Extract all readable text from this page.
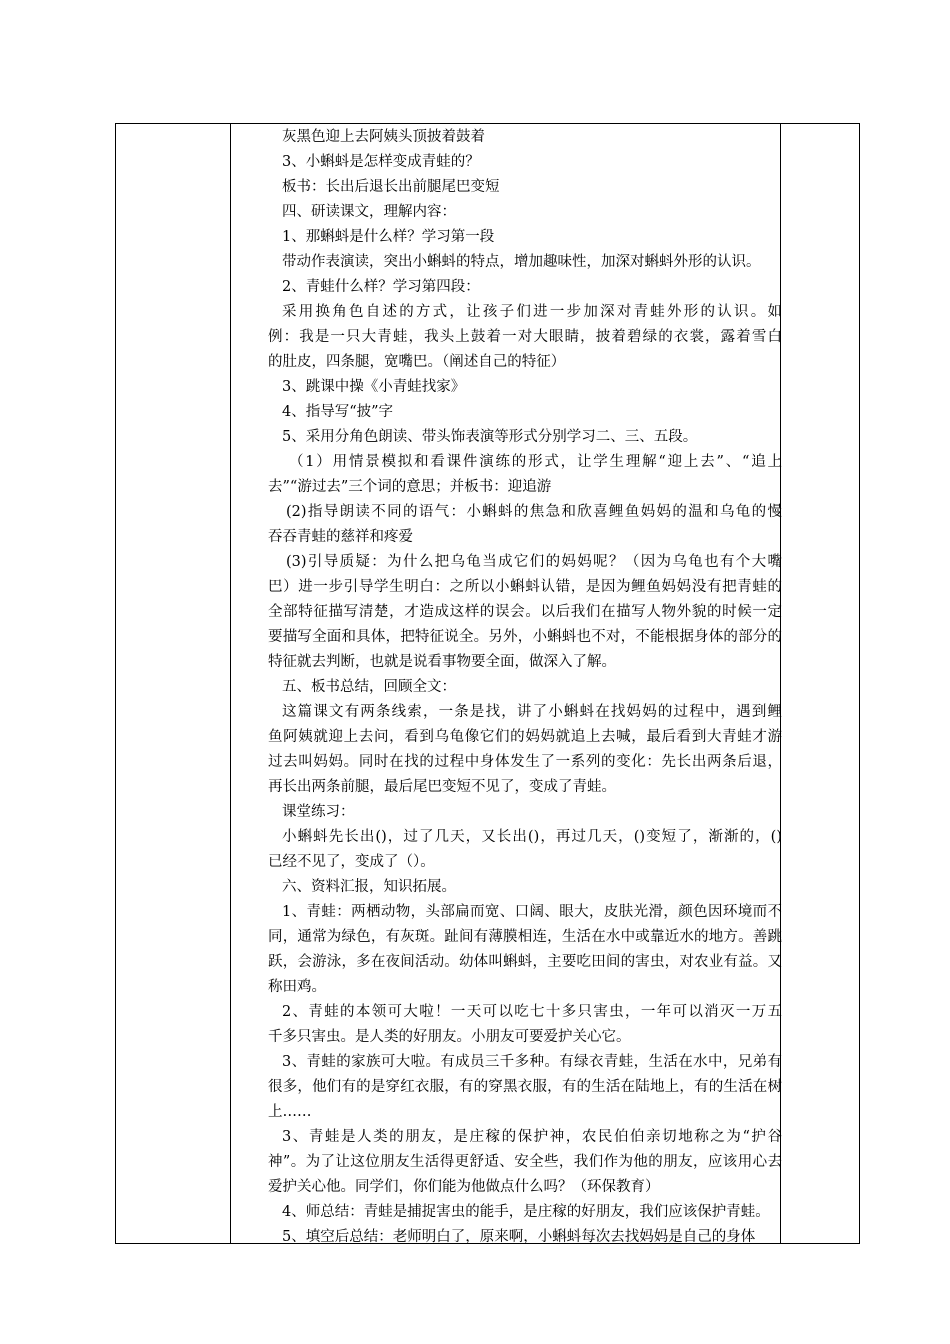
灰黑色迎上去阿姨头顶披着鼓着
3、小蝌蚪是怎样变成青蛙的？
板书：长出后退长出前腿尾巴变短
四、研读课文，理解内容：
1、那蝌蚪是什么样？学习第一段
带动作表演读，突出小蝌蚪的特点，增加趣味性，加深对蝌蚪外形的认识。
2、青蛙什么样？学习第四段：
采用换角色自述的方式，让孩子们进一步加深对青蛙外形的认识。如
例：我是一只大青蛙，我头上鼓着一对大眼睛，披着碧绿的衣裳，露着雪白
的肚皮，四条腿，宽嘴巴。（阐述自己的特征）
3、跳课中操《小青蛙找家》
4、指导写“披”字
5、采用分角色朗读、带头饰表演等形式分别学习二、三、五段。
（1）用情景模拟和看课件演练的形式，让学生理解“迎上去”、“追上
去”“游过去”三个词的意思；并板书：迎追游
(2)指导朗读不同的语气：小蝌蚪的焦急和欣喜鲤鱼妈妈的温和乌龟的慢
吞吞青蛙的慈祥和疼爱
(3)引导质疑：为什么把乌龟当成它们的妈妈呢？（因为乌龟也有个大嘴
巴）进一步引导学生明白：之所以小蝌蚪认错，是因为鲤鱼妈妈没有把青蛙的
全部特征描写清楚，才造成这样的误会。以后我们在描写人物外貌的时候一定
要描写全面和具体，把特征说全。另外，小蝌蚪也不对，不能根据身体的部分的
特征就去判断，也就是说看事物要全面，做深入了解。
五、板书总结，回顾全文：
这篇课文有两条线索，一条是找，讲了小蝌蚪在找妈妈的过程中，遇到鲤
鱼阿姨就迎上去问，看到乌龟像它们的妈妈就追上去喊，最后看到大青蛙才游
过去叫妈妈。同时在找的过程中身体发生了一系列的变化：先长出两条后退，
再长出两条前腿，最后尾巴变短不见了，变成了青蛙。
课堂练习：
小蝌蚪先长出()，过了几天，又长出()，再过几天，()变短了，渐渐的，()
已经不见了，变成了（）。
六、资料汇报，知识拓展。
1、青蛙：两栖动物，头部扁而宽、口阔、眼大，皮肤光滑，颜色因环境而不
同，通常为绿色，有灰斑。趾间有薄膜相连，生活在水中或靠近水的地方。善跳
跃，会游泳，多在夜间活动。幼体叫蝌蚪，主要吃田间的害虫，对农业有益。又
称田鸡。
2、青蛙的本领可大啦！一天可以吃七十多只害虫，一年可以消灭一万五
千多只害虫。是人类的好朋友。小朋友可要爱护关心它。
3、青蛙的家族可大啦。有成员三千多种。有绿衣青蛙，生活在水中，兄弟有
很多，他们有的是穿红衣服，有的穿黑衣服，有的生活在陆地上，有的生活在树
上……
3、青蛙是人类的朋友，是庄稼的保护神，农民伯伯亲切地称之为“护谷
神”。为了让这位朋友生活得更舒适、安全些，我们作为他的朋友，应该用心去
爱护关心他。同学们，你们能为他做点什么吗？（环保教育）
4、师总结：青蛙是捕捉害虫的能手，是庄稼的好朋友，我们应该保护青蛙。
5、填空后总结：老师明白了，原来啊，小蝌蚪每次去找妈妈是自己的身体
